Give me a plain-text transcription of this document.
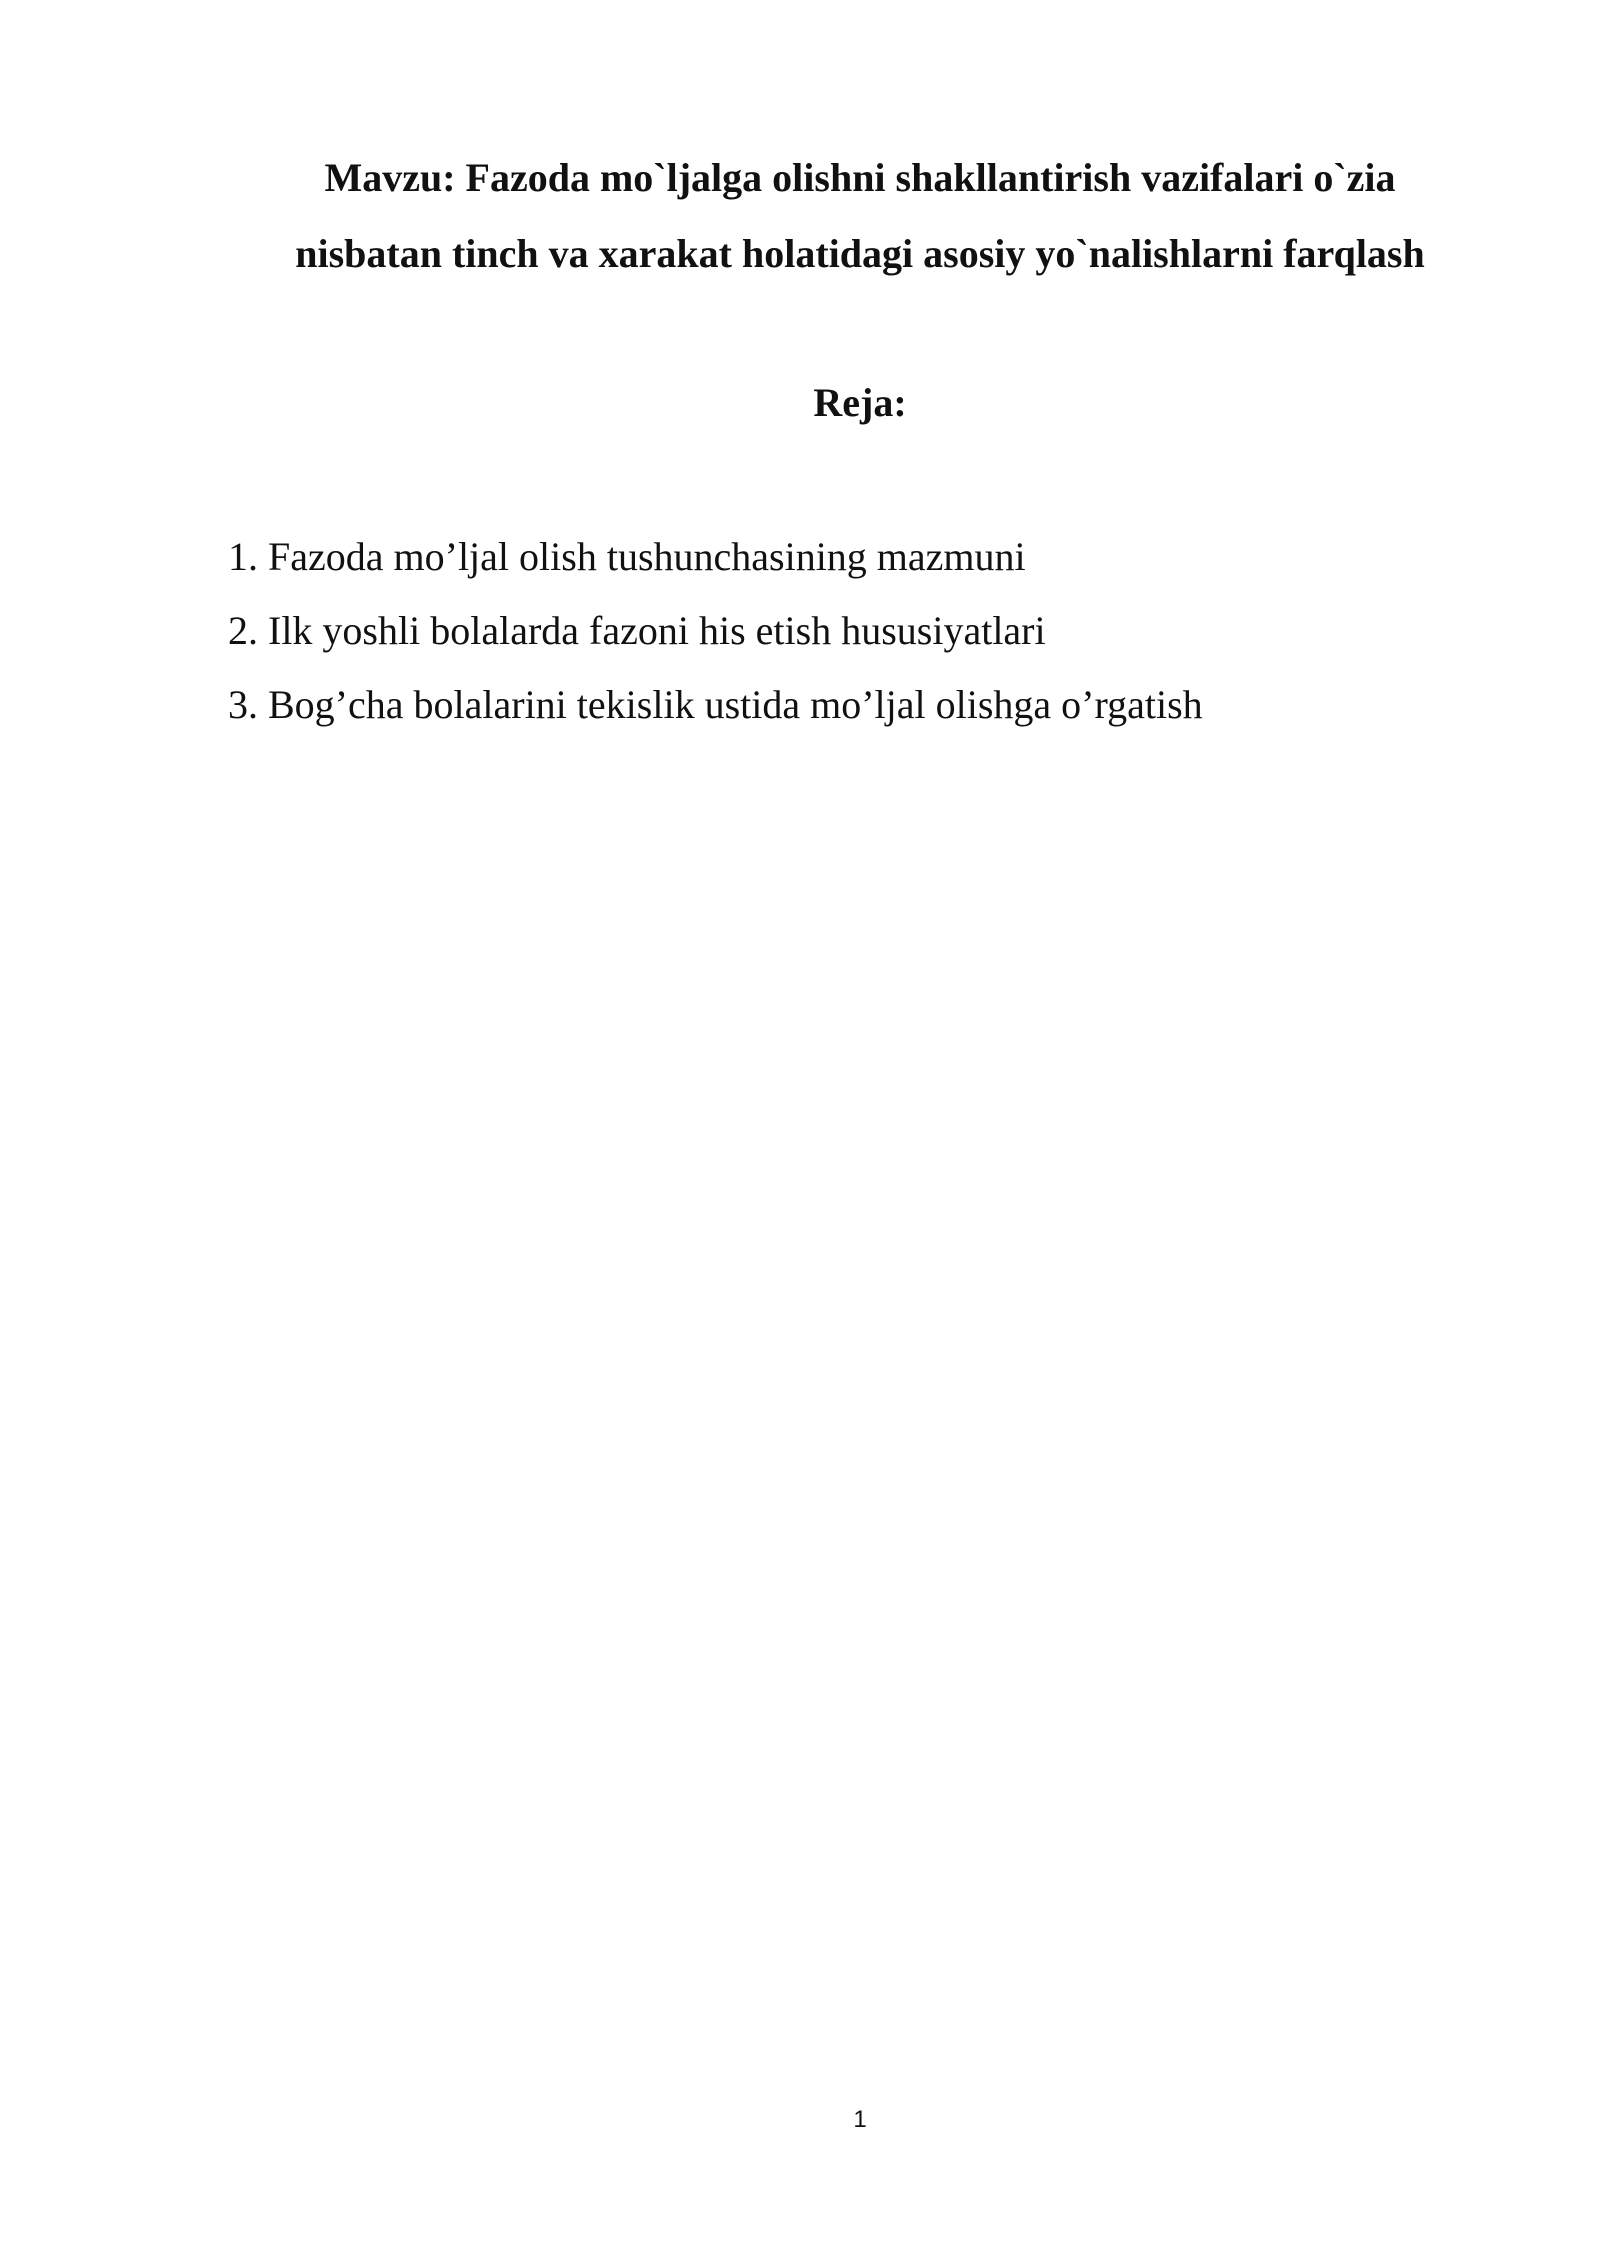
Mavzu: Fazoda mo`ljalga olishni shakllantirish vazifalari o`zia
nisbatan tinch va xarakat holatidagi asosiy yo`nalishlarni farqlash
Reja:
1. Fazoda mo’ljal olish tushunchasining mazmuni
2. Ilk yoshli bolalarda fazoni his etish hususiyatlari
3. Bog’cha bolalarini tekislik ustida mo’ljal olishga o’rgatish
1
